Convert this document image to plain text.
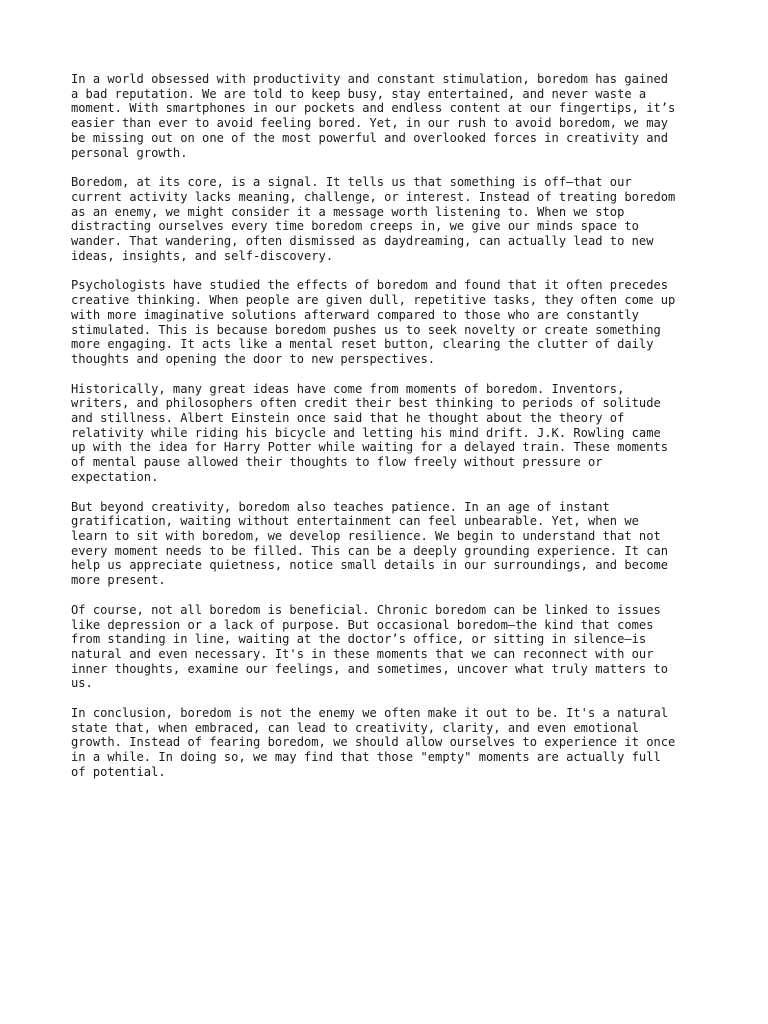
In a world obsessed with productivity and constant stimulation, boredom has gained
a bad reputation. We are told to keep busy, stay entertained, and never waste a
moment. With smartphones in our pockets and endless content at our fingertips, it’s
easier than ever to avoid feeling bored. Yet, in our rush to avoid boredom, we may
be missing out on one of the most powerful and overlooked forces in creativity and
personal growth.

Boredom, at its core, is a signal. It tells us that something is off—that our
current activity lacks meaning, challenge, or interest. Instead of treating boredom
as an enemy, we might consider it a message worth listening to. When we stop
distracting ourselves every time boredom creeps in, we give our minds space to
wander. That wandering, often dismissed as daydreaming, can actually lead to new
ideas, insights, and self-discovery.

Psychologists have studied the effects of boredom and found that it often precedes
creative thinking. When people are given dull, repetitive tasks, they often come up
with more imaginative solutions afterward compared to those who are constantly
stimulated. This is because boredom pushes us to seek novelty or create something
more engaging. It acts like a mental reset button, clearing the clutter of daily
thoughts and opening the door to new perspectives.

Historically, many great ideas have come from moments of boredom. Inventors,
writers, and philosophers often credit their best thinking to periods of solitude
and stillness. Albert Einstein once said that he thought about the theory of
relativity while riding his bicycle and letting his mind drift. J.K. Rowling came
up with the idea for Harry Potter while waiting for a delayed train. These moments
of mental pause allowed their thoughts to flow freely without pressure or
expectation.

But beyond creativity, boredom also teaches patience. In an age of instant
gratification, waiting without entertainment can feel unbearable. Yet, when we
learn to sit with boredom, we develop resilience. We begin to understand that not
every moment needs to be filled. This can be a deeply grounding experience. It can
help us appreciate quietness, notice small details in our surroundings, and become
more present.

Of course, not all boredom is beneficial. Chronic boredom can be linked to issues
like depression or a lack of purpose. But occasional boredom—the kind that comes
from standing in line, waiting at the doctor’s office, or sitting in silence—is
natural and even necessary. It's in these moments that we can reconnect with our
inner thoughts, examine our feelings, and sometimes, uncover what truly matters to
us.

In conclusion, boredom is not the enemy we often make it out to be. It's a natural
state that, when embraced, can lead to creativity, clarity, and even emotional
growth. Instead of fearing boredom, we should allow ourselves to experience it once
in a while. In doing so, we may find that those "empty" moments are actually full
of potential.
